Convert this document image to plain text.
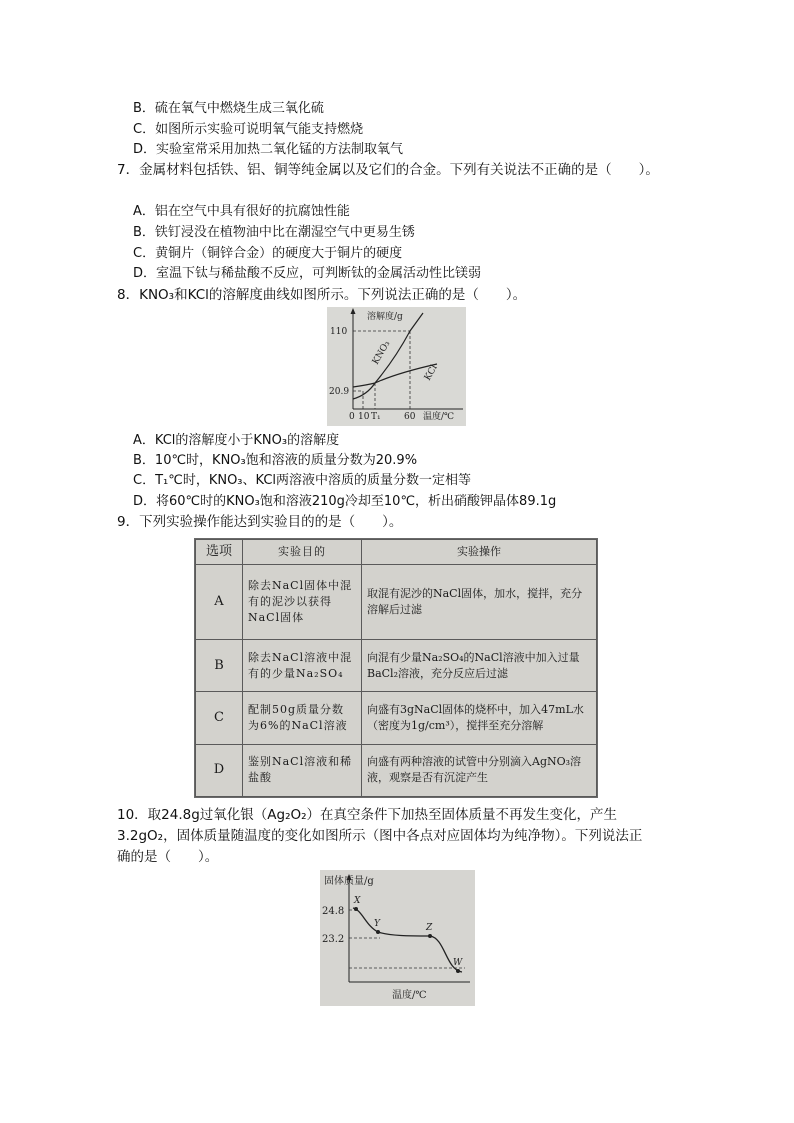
B．硫在氧气中燃烧生成三氧化硫
C．如图所示实验可说明氧气能支持燃烧
D．实验室常采用加热二氧化锰的方法制取氧气
7．金属材料包括铁、铝、铜等纯金属以及它们的合金。下列有关说法不正确的是（　　）。
A．铝在空气中具有很好的抗腐蚀性能
B．铁钉浸没在植物油中比在潮湿空气中更易生锈
C．黄铜片（铜锌合金）的硬度大于铜片的硬度
D．室温下钛与稀盐酸不反应，可判断钛的金属活动性比镁弱
8．KNO₃和KCl的溶解度曲线如图所示。下列说法正确的是（　　）。
溶解度/g
110
20.9
0 10 T₁	60 温度/℃
KNO₃
KCl
A．KCl的溶解度小于KNO₃的溶解度
B．10℃时，KNO₃饱和溶液的质量分数为20.9%
C．T₁℃时，KNO₃、KCl两溶液中溶质的质量分数一定相等
D．将60℃时的KNO₃饱和溶液210g冷却至10℃，析出硝酸钾晶体89.1g
9．下列实验操作能达到实验目的的是（　　）。
选项	实验目的	实验操作
A	除去NaCl固体中混有的泥沙以获得NaCl固体	取混有泥沙的NaCl固体，加水，搅拌，充分溶解后过滤
B	除去NaCl溶液中混有的少量Na₂SO₄	向混有少量Na₂SO₄的NaCl溶液中加入过量BaCl₂溶液，充分反应后过滤
C	配制50g质量分数为6%的NaCl溶液	向盛有3gNaCl固体的烧杯中，加入47mL水（密度为1g/cm³），搅拌至充分溶解
D	鉴别NaCl溶液和稀盐酸	向盛有两种溶液的试管中分别滴入AgNO₃溶液，观察是否有沉淀产生
10．取24.8g过氧化银（Ag₂O₂）在真空条件下加热至固体质量不再发生变化，产生
3.2gO₂，固体质量随温度的变化如图所示（图中各点对应固体均为纯净物）。下列说法正
确的是（　　）。
固体质量/g
24.8
23.2
X
Y	Z
W
温度/℃
